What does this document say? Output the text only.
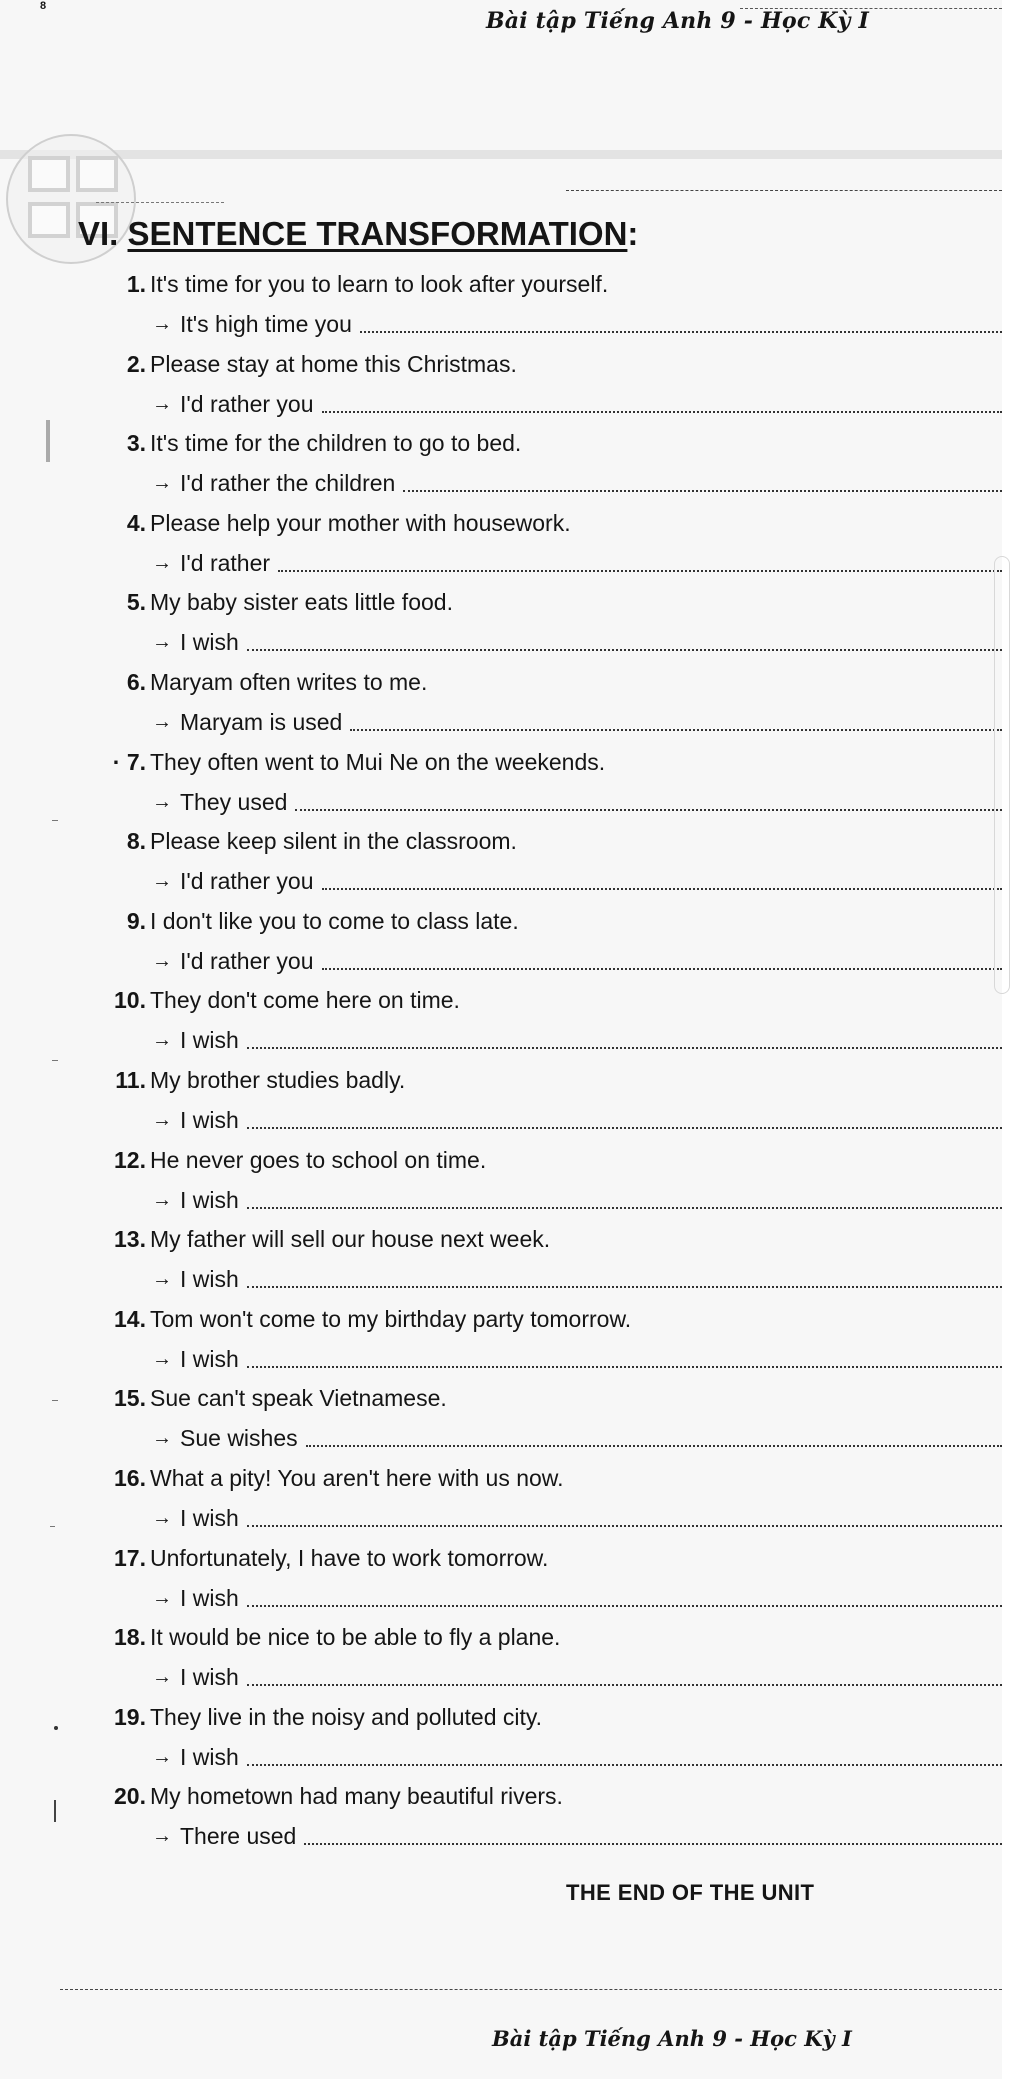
8
Bài tập Tiếng Anh 9 - Học Kỳ I
VI. SENTENCE TRANSFORMATION:
1. It's time for you to learn to look after yourself.
→ It's high time you
2. Please stay at home this Christmas.
→ I'd rather you
3. It's time for the children to go to bed.
→ I'd rather the children
4. Please help your mother with housework.
→ I'd rather
5. My baby sister eats little food.
→ I wish
6. Maryam often writes to me.
→ Maryam is used
· 7. They often went to Mui Ne on the weekends.
→ They used
8. Please keep silent in the classroom.
→ I'd rather you
9. I don't like you to come to class late.
→ I'd rather you
10. They don't come here on time.
→ I wish
11. My brother studies badly.
→ I wish
12. He never goes to school on time.
→ I wish
13. My father will sell our house next week.
→ I wish
14. Tom won't come to my birthday party tomorrow.
→ I wish
15. Sue can't speak Vietnamese.
→ Sue wishes
16. What a pity! You aren't here with us now.
→ I wish
17. Unfortunately, I have to work tomorrow.
→ I wish
18. It would be nice to be able to fly a plane.
→ I wish
19. They live in the noisy and polluted city.
→ I wish
20. My hometown had many beautiful rivers.
→ There used
THE END OF THE UNIT
Bài tập Tiếng Anh 9 - Học Kỳ I
